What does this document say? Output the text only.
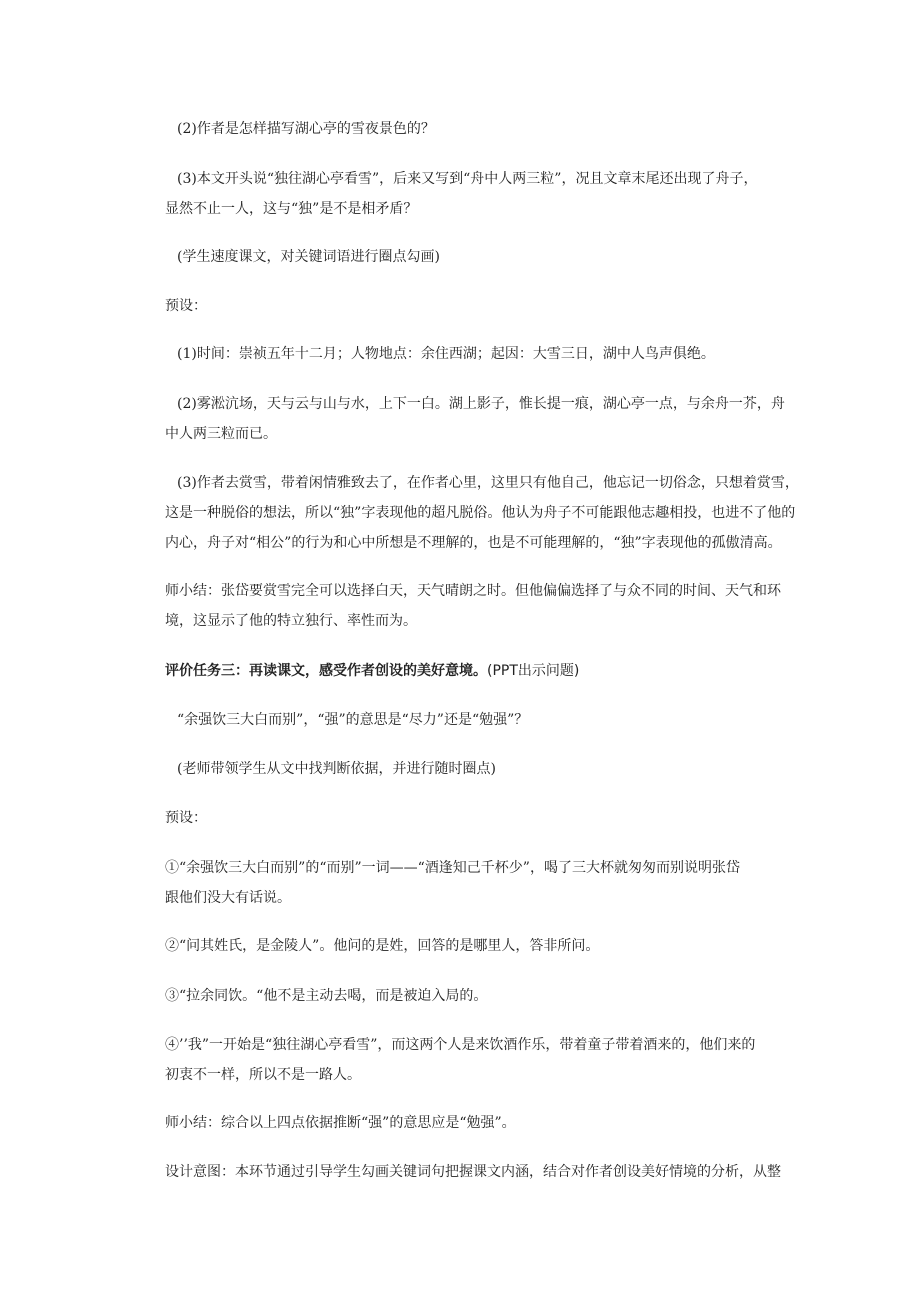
(2)作者是怎样描写湖心亭的雪夜景色的？
(3)本文开头说“独往湖心亭看雪”，后来又写到“舟中人两三粒”，况且文章末尾还出现了舟子，
显然不止一人，这与“独”是不是相矛盾？
(学生速度课文，对关键词语进行圈点勾画)
预设：
(1)时间：崇祯五年十二月；人物地点：余住西湖；起因：大雪三日，湖中人鸟声俱绝。
(2)雾淞沆场，天与云与山与水，上下一白。湖上影子，惟长提一痕，湖心亭一点，与余舟一芥，舟
中人两三粒而已。
(3)作者去赏雪，带着闲情雅致去了，在作者心里，这里只有他自己，他忘记一切俗念，只想着赏雪，
这是一种脱俗的想法，所以“独”字表现他的超凡脱俗。他认为舟子不可能跟他志趣相投，也进不了他的
内心，舟子对“相公”的行为和心中所想是不理解的，也是不可能理解的，“独”字表现他的孤傲清高。
师小结：张岱要赏雪完全可以选择白天，天气晴朗之时。但他偏偏选择了与众不同的时间、天气和环
境，这显示了他的特立独行、率性而为。
评价任务三：再读课文，感受作者创设的美好意境。(PPT出示问题)
“余强饮三大白而别”，“强”的意思是“尽力”还是“勉强”？
(老师带领学生从文中找判断依据，并进行随时圈点)
预设：
①“余强饮三大白而别”的“而别”一词——“酒逢知己千杯少”，喝了三大杯就匆匆而别说明张岱
跟他们没大有话说。
②“问其姓氏，是金陵人”。他问的是姓，回答的是哪里人，答非所问。
③“拉余同饮。“他不是主动去喝，而是被迫入局的。
④’’我”一开始是“独往湖心亭看雪”，而这两个人是来饮酒作乐，带着童子带着酒来的，他们来的
初衷不一样，所以不是一路人。
师小结：综合以上四点依据推断“强”的意思应是“勉强”。
设计意图：本环节通过引导学生勾画关键词句把握课文内涵，结合对作者创设美好情境的分析，从整
